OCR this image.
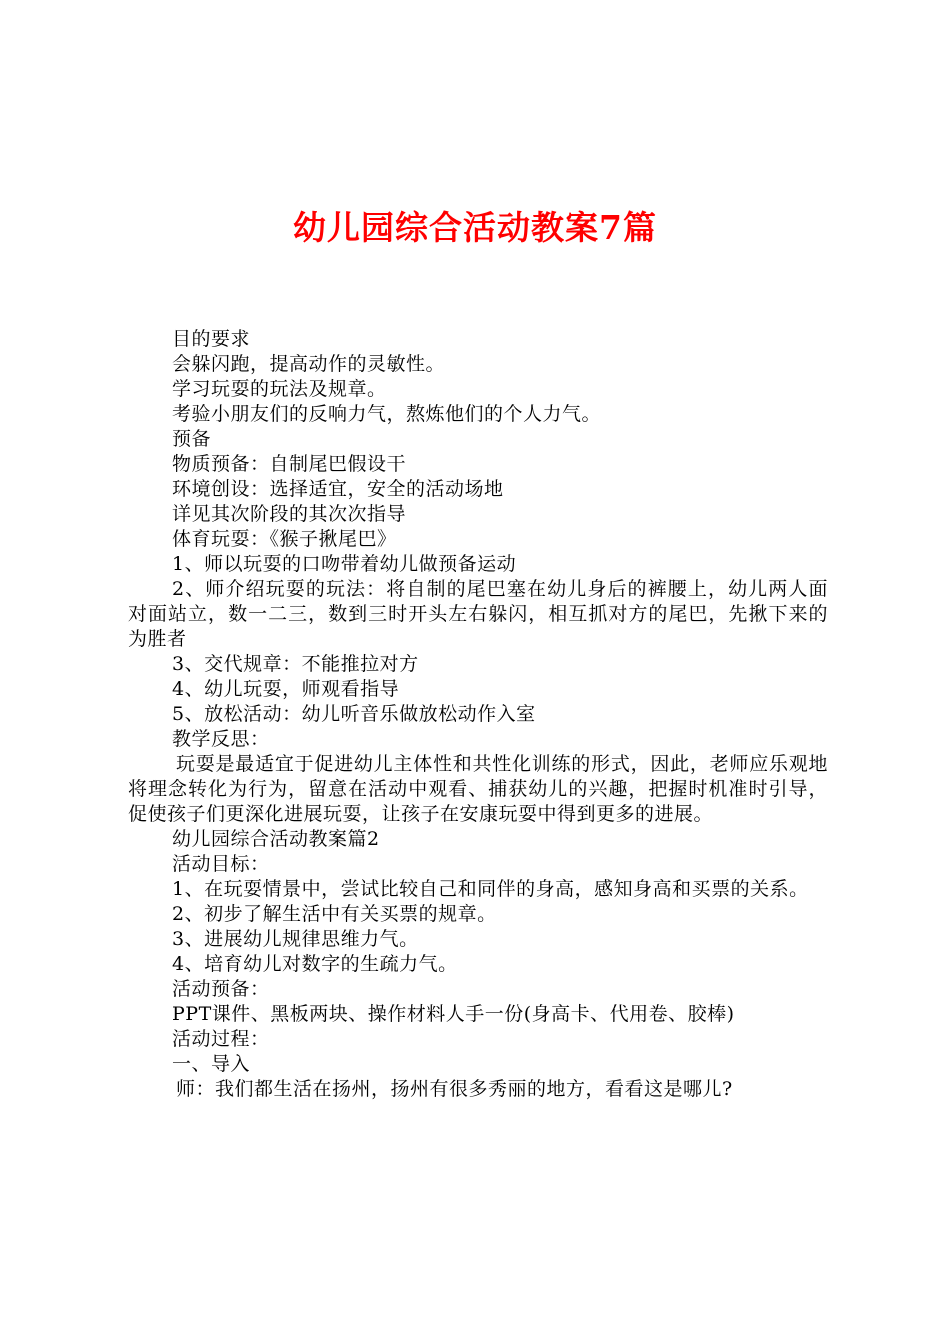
幼儿园综合活动教案7篇

目的要求

会躲闪跑，提高动作的灵敏性。

学习玩耍的玩法及规章。

考验小朋友们的反响力气，熬炼他们的个人力气。

预备

物质预备：自制尾巴假设干

环境创设：选择适宜，安全的活动场地

详见其次阶段的其次次指导

体育玩耍：《猴子揪尾巴》

1、师以玩耍的口吻带着幼儿做预备运动

2、师介绍玩耍的玩法：将自制的尾巴塞在幼儿身后的裤腰上，幼儿两人面对面站立，数一二三，数到三时开头左右躲闪，相互抓对方的尾巴，先揪下来的为胜者

3、交代规章：不能推拉对方

4、幼儿玩耍，师观看指导

5、放松活动：幼儿听音乐做放松动作入室

教学反思：

玩耍是最适宜于促进幼儿主体性和共性化训练的形式，因此，老师应乐观地将理念转化为行为，留意在活动中观看、捕获幼儿的兴趣，把握时机准时引导，促使孩子们更深化进展玩耍，让孩子在安康玩耍中得到更多的进展。

幼儿园综合活动教案篇2

活动目标：

1、在玩耍情景中，尝试比较自己和同伴的身高，感知身高和买票的关系。

2、初步了解生活中有关买票的规章。

3、进展幼儿规律思维力气。

4、培育幼儿对数字的生疏力气。

活动预备：

PPT课件、黑板两块、操作材料人手一份(身高卡、代用卷、胶棒)

活动过程：

一、导入

师：我们都生活在扬州，扬州有很多秀丽的地方，看看这是哪儿?
